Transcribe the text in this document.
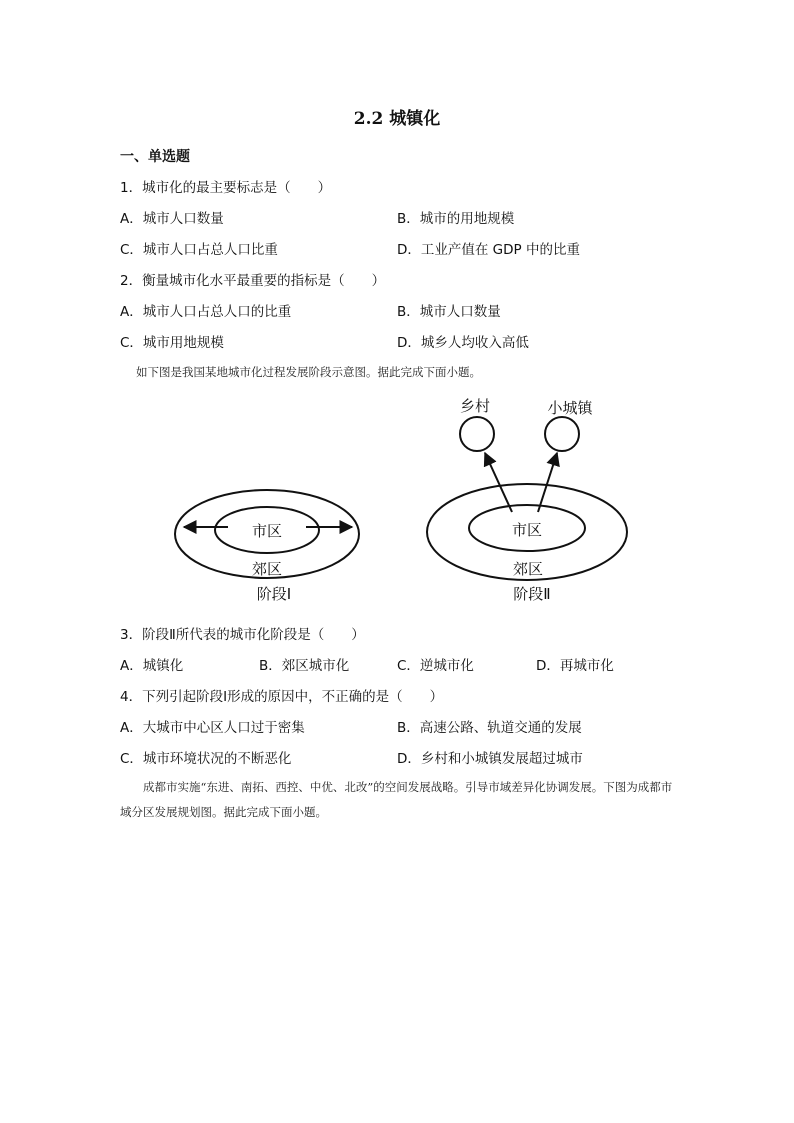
2.2 城镇化
一、单选题
1．城市化的最主要标志是（　　）
A．城市人口数量	B．城市的用地规模
C．城市人口占总人口比重	D．工业产值在 GDP 中的比重
2．衡量城市化水平最重要的指标是（　　）
A．城市人口占总人口的比重	B．城市人口数量
C．城市用地规模	D．城乡人均收入高低
如下图是我国某地城市化过程发展阶段示意图。据此完成下面小题。
市区
郊区
阶段Ⅰ
市区
郊区
阶段Ⅱ
乡村	小城镇
3．阶段Ⅱ所代表的城市化阶段是（　　）
A．城镇化	B．郊区城市化	C．逆城市化	D．再城市化
4．下列引起阶段Ⅰ形成的原因中，不正确的是（　　）
A．大城市中心区人口过于密集	B．高速公路、轨道交通的发展
C．城市环境状况的不断恶化	D．乡村和小城镇发展超过城市
成都市实施“东进、南拓、西控、中优、北改”的空间发展战略。引导市域差异化协调发展。下图为成都市域分区发展规划图。据此完成下面小题。
